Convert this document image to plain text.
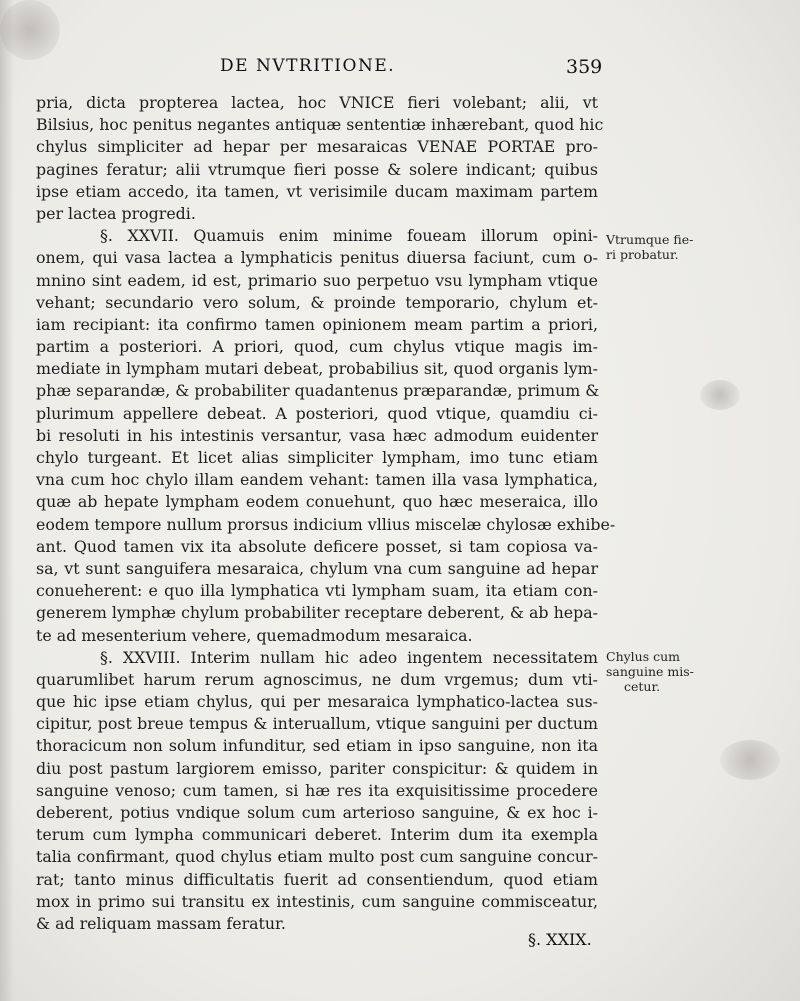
DE NVTRITIONE.	359
pria, dicta propterea lactea, hoc VNICE fieri volebant; alii, vt
Bilsius, hoc penitus negantes antiquæ sententiæ inhærebant, quod hic
chylus simpliciter ad hepar per mesaraicas VENAE PORTAE pro-
pagines feratur; alii vtrumque fieri posse & solere indicant; quibus
ipse etiam accedo, ita tamen, vt verisimile ducam maximam partem
per lactea progredi.
§. XXVII. Quamuis enim minime foueam illorum opini-
onem, qui vasa lactea a lymphaticis penitus diuersa faciunt, cum o-
mnino sint eadem, id est, primario suo perpetuo vsu lympham vtique
vehant; secundario vero solum, & proinde temporario, chylum et-
iam recipiant: ita confirmo tamen opinionem meam partim a priori,
partim a posteriori. A priori, quod, cum chylus vtique magis im-
mediate in lympham mutari debeat, probabilius sit, quod organis lym-
phæ separandæ, & probabiliter quadantenus præparandæ, primum &
plurimum appellere debeat. A posteriori, quod vtique, quamdiu ci-
bi resoluti in his intestinis versantur, vasa hæc admodum euidenter
chylo turgeant. Et licet alias simpliciter lympham, imo tunc etiam
vna cum hoc chylo illam eandem vehant: tamen illa vasa lymphatica,
quæ ab hepate lympham eodem conuehunt, quo hæc meseraica, illo
eodem tempore nullum prorsus indicium vllius miscelæ chylosæ exhibe-
ant. Quod tamen vix ita absolute deficere posset, si tam copiosa va-
sa, vt sunt sanguifera mesaraica, chylum vna cum sanguine ad hepar
conueherent: e quo illa lymphatica vti lympham suam, ita etiam con-
generem lymphæ chylum probabiliter receptare deberent, & ab hepa-
te ad mesenterium vehere, quemadmodum mesaraica.
§. XXVIII. Interim nullam hic adeo ingentem necessitatem
quarumlibet harum rerum agnoscimus, ne dum vrgemus; dum vti-
que hic ipse etiam chylus, qui per mesaraica lymphatico-lactea sus-
cipitur, post breue tempus & interuallum, vtique sanguini per ductum
thoracicum non solum infunditur, sed etiam in ipso sanguine, non ita
diu post pastum largiorem emisso, pariter conspicitur: & quidem in
sanguine venoso; cum tamen, si hæ res ita exquisitissime procedere
deberent, potius vndique solum cum arterioso sanguine, & ex hoc i-
terum cum lympha communicari deberet. Interim dum ita exempla
talia confirmant, quod chylus etiam multo post cum sanguine concur-
rat; tanto minus difficultatis fuerit ad consentiendum, quod etiam
mox in primo sui transitu ex intestinis, cum sanguine commisceatur,
& ad reliquam massam feratur.
Vtrumque fie-
ri probatur.
Chylus cum
sanguine mis-
cetur.
§. XXIX.
